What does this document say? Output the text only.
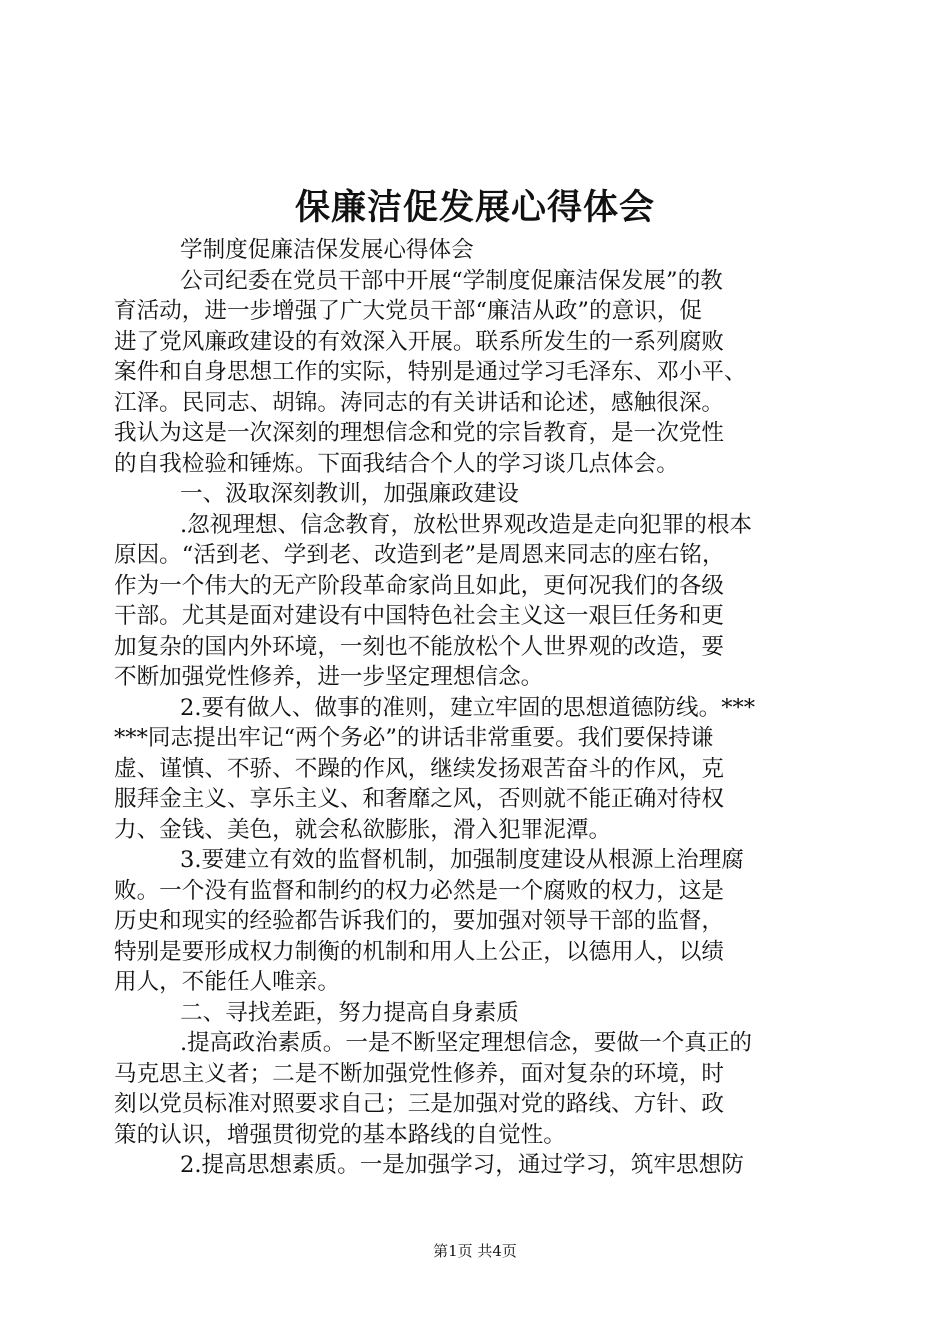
保廉洁促发展心得体会
学制度促廉洁保发展心得体会
公司纪委在党员干部中开展“学制度促廉洁保发展”的教
育活动，进一步增强了广大党员干部“廉洁从政”的意识，促
进了党风廉政建设的有效深入开展。联系所发生的一系列腐败
案件和自身思想工作的实际，特别是通过学习毛泽东、邓小平、
江泽。民同志、胡锦。涛同志的有关讲话和论述，感触很深。
我认为这是一次深刻的理想信念和党的宗旨教育，是一次党性
的自我检验和锤炼。下面我结合个人的学习谈几点体会。
一、汲取深刻教训，加强廉政建设
.忽视理想、信念教育，放松世界观改造是走向犯罪的根本
原因。“活到老、学到老、改造到老”是周恩来同志的座右铭，
作为一个伟大的无产阶段革命家尚且如此，更何况我们的各级
干部。尤其是面对建设有中国特色社会主义这一艰巨任务和更
加复杂的国内外环境，一刻也不能放松个人世界观的改造，要
不断加强党性修养，进一步坚定理想信念。
2.要有做人、做事的准则，建立牢固的思想道德防线。***
***同志提出牢记“两个务必”的讲话非常重要。我们要保持谦
虚、谨慎、不骄、不躁的作风，继续发扬艰苦奋斗的作风，克
服拜金主义、享乐主义、和奢靡之风，否则就不能正确对待权
力、金钱、美色，就会私欲膨胀，滑入犯罪泥潭。
3.要建立有效的监督机制，加强制度建设从根源上治理腐
败。一个没有监督和制约的权力必然是一个腐败的权力，这是
历史和现实的经验都告诉我们的，要加强对领导干部的监督，
特别是要形成权力制衡的机制和用人上公正，以德用人，以绩
用人，不能任人唯亲。
二、寻找差距，努力提高自身素质
.提高政治素质。一是不断坚定理想信念，要做一个真正的
马克思主义者；二是不断加强党性修养，面对复杂的环境，时
刻以党员标准对照要求自己；三是加强对党的路线、方针、政
策的认识，增强贯彻党的基本路线的自觉性。
2.提高思想素质。一是加强学习，通过学习，筑牢思想防
第1页 共4页
